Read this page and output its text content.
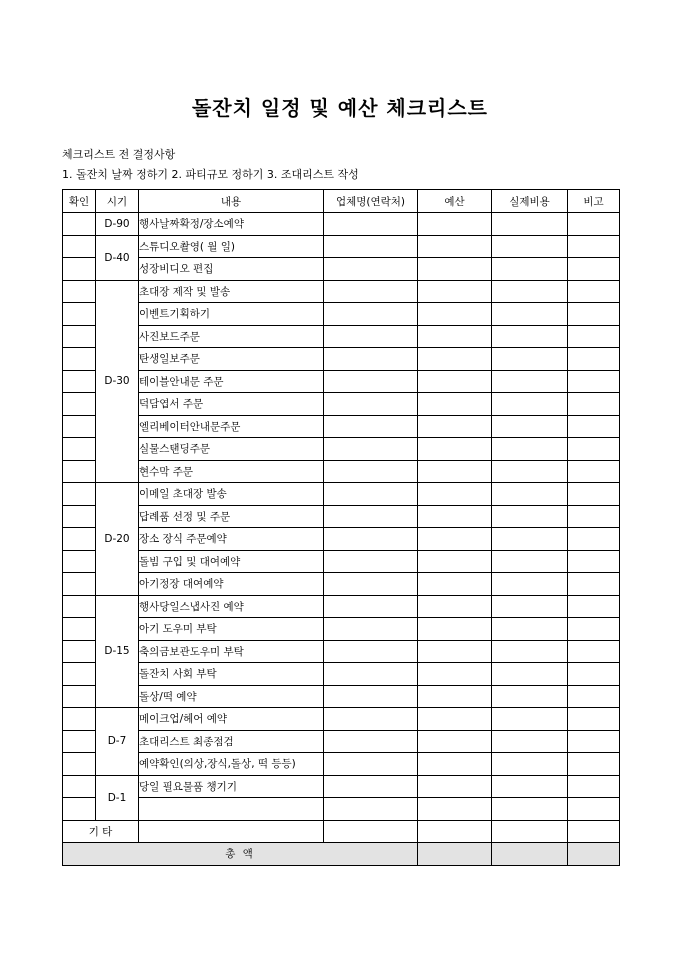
돌잔치 일정 및 예산 체크리스트
체크리스트 전 결정사항
1. 돌잔치 날짜 정하기 2. 파티규모 정하기 3. 조대리스트 작성
확인	시기	내용	업체명(연락처)	예산	실제비용	비고
	D-90	행사날짜확정/장소예약				
	D-40	스튜디오촬영( 월 일)				
		성장비디오 편집				
	D-30	초대장 제작 및 발송				
		이벤트기획하기				
		사진보드주문				
		탄생일보주문				
		테이블안내문 주문				
		덕담엽서 주문				
		엘리베이터안내문주문				
		실물스탠딩주문				
		현수막 주문				
	D-20	이메일 초대장 발송				
		답례품 선정 및 주문				
		장소 장식 주문예약				
		돌빔 구입 및 대여예약				
		아기정장 대여예약				
	D-15	행사당일스냅사진 예약				
		아기 도우미 부탁				
		축의금보관도우미 부탁				
		돌잔치 사회 부탁				
		돌상/떡 예약				
	D-7	메이크업/헤어 예약				
		초대리스트 최종점검				
		예약확인(의상,장식,돌상, 떡 등등)				
	D-1	당일 필요물품 챙기기				

기 타						
총 액						
